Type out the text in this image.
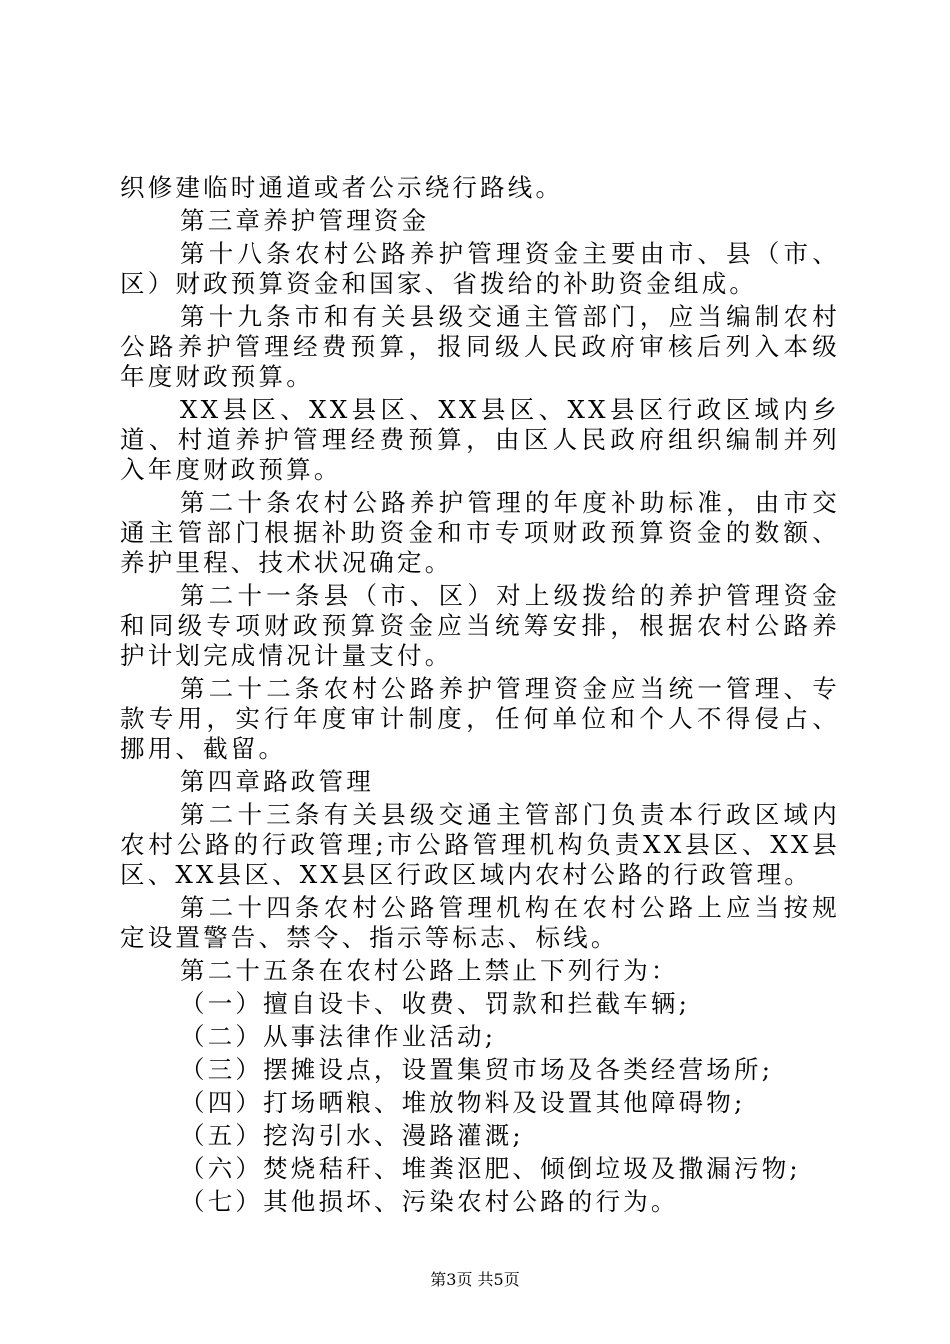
织修建临时通道或者公示绕行路线。

第三章养护管理资金

第十八条农村公路养护管理资金主要由市、县（市、区）财政预算资金和国家、省拨给的补助资金组成。

第十九条市和有关县级交通主管部门，应当编制农村公路养护管理经费预算，报同级人民政府审核后列入本级年度财政预算。

XX县区、XX县区、XX县区、XX县区行政区域内乡道、村道养护管理经费预算，由区人民政府组织编制并列入年度财政预算。

第二十条农村公路养护管理的年度补助标准，由市交通主管部门根据补助资金和市专项财政预算资金的数额、养护里程、技术状况确定。

第二十一条县（市、区）对上级拨给的养护管理资金和同级专项财政预算资金应当统筹安排，根据农村公路养护计划完成情况计量支付。

第二十二条农村公路养护管理资金应当统一管理、专款专用，实行年度审计制度，任何单位和个人不得侵占、挪用、截留。

第四章路政管理

第二十三条有关县级交通主管部门负责本行政区域内农村公路的行政管理;市公路管理机构负责XX县区、XX县区、XX县区、XX县区行政区域内农村公路的行政管理。

第二十四条农村公路管理机构在农村公路上应当按规定设置警告、禁令、指示等标志、标线。

第二十五条在农村公路上禁止下列行为：

（一）擅自设卡、收费、罚款和拦截车辆;

（二）从事法律作业活动;

（三）摆摊设点，设置集贸市场及各类经营场所;

（四）打场晒粮、堆放物料及设置其他障碍物;

（五）挖沟引水、漫路灌溉;

（六）焚烧秸秆、堆粪沤肥、倾倒垃圾及撒漏污物;

（七）其他损坏、污染农村公路的行为。

第3页 共5页
